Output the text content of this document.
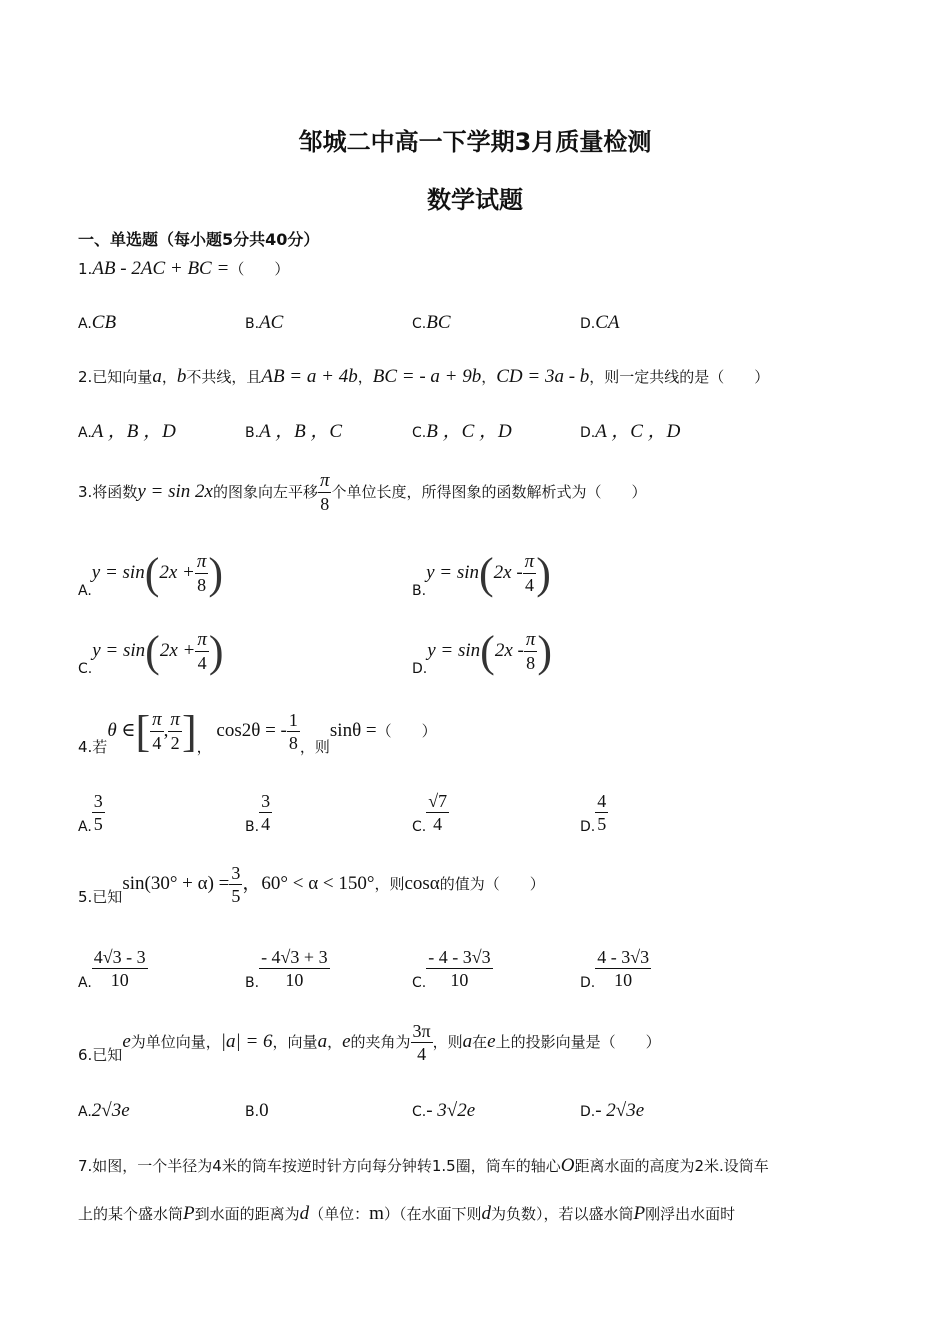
邹城二中高一下学期3月质量检测
数学试题
一、单选题（每小题5分共40分）
1.AB - 2AC + BC =（　　）
A.CB	B.AC	C.BC	D.CA
2.已知向量a，b不共线，且AB = a + 4b，BC = - a + 9b，CD = 3a - b，则一定共线的是（　　）
A.A ，B ，D	B.A ，B ，C	C.B ，C ，D	D.A ，C ，D
3.将函数y = sin 2x的图象向左平移 $\frac{\pi}{8}$ 个单位长度，所得图象的函数解析式为（　　）
$A.y = \sin(2x + \frac{\pi}{8}$ )	$B.y = \sin(2x - \frac{\pi}{4}$ )
$C.y = \sin(2x + \frac{\pi}{4}$ )	$D.y = \sin(2x - \frac{\pi}{8}$ )
4.若θ ∈[ $\frac{\pi}{4}$ , $\frac{\pi}{2}$ ]， cos2θ = - $\frac{1}{8}$ ，则sinθ =（　　）
A. $\frac{3}{5}$	B. $\frac{3}{4}$	C. $\frac{√7}{4}$	D. $\frac{4}{5}$
5.已知$\sin(30^\circ + \alpha) = \frac{3}{5}$ ，60° < α < 150°，则cosα的值为（　　）
A. $\frac{4√3 - 3}{10}$	B. $\frac{- 4√3 + 3}{10}$	C. $\frac{- 4 - 3√3}{10}$	D. $\frac{4 - 3√3}{10}$
6.已知e为单位向量，|a| = 6，向量a，e的夹角为 $\frac{3\pi}{4}$ ，则a在e上的投影向量是（　　）
A.2√3e	B.0	C.- 3√2e	D.- 2√3e
7.如图，一个半径为4米的筒车按逆时针方向每分钟转1.5圈，筒车的轴心O距离水面的高度为2米.设筒车
上的某个盛水筒P到水面的距离为d（单位：m）（在水面下则d为负数），若以盛水筒P刚浮出水面时
